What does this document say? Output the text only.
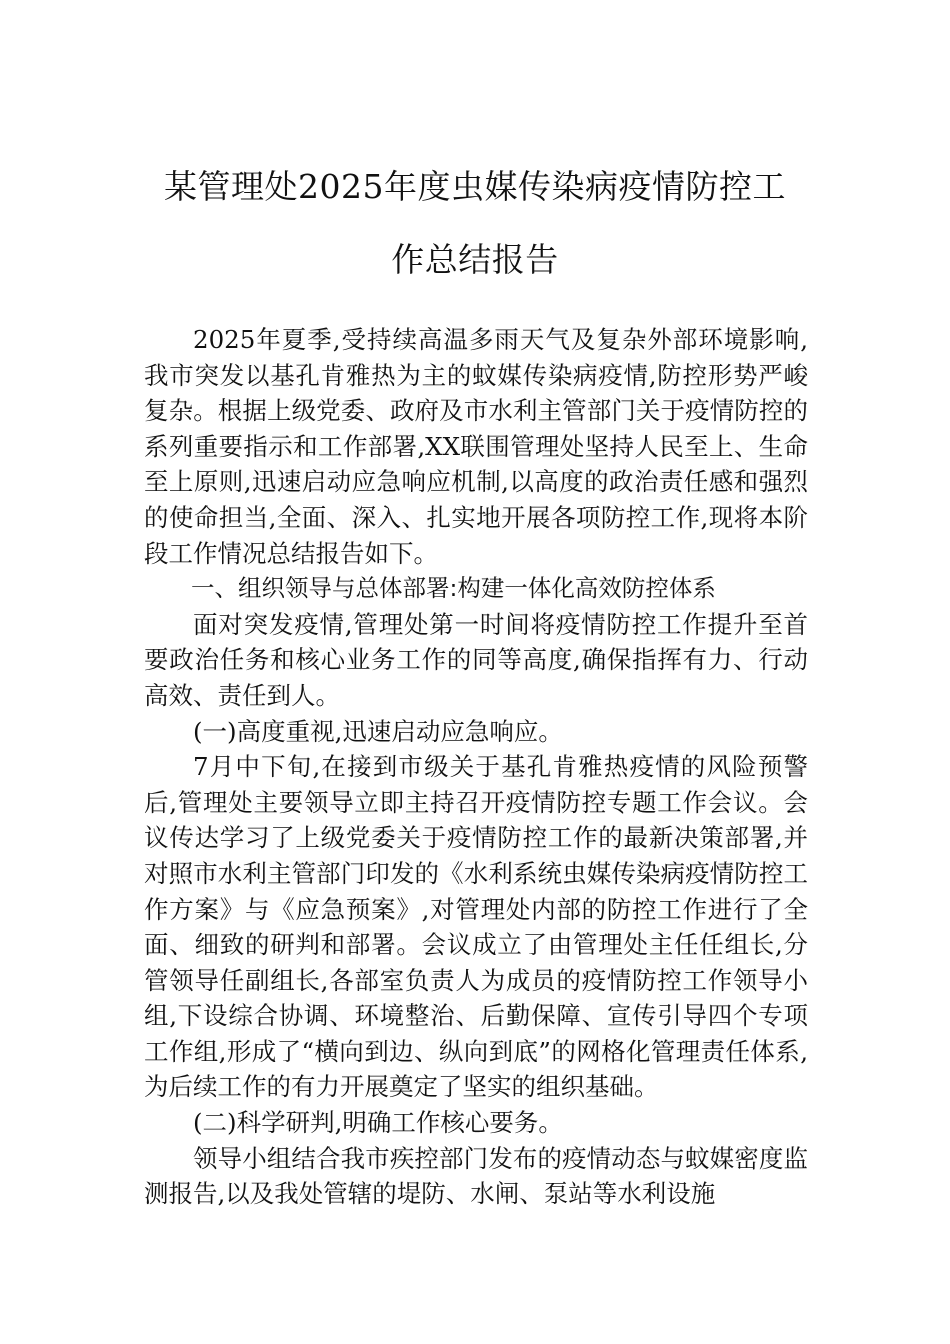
某管理处2025年度虫媒传染病疫情防控工
作总结报告

2025年夏季,受持续高温多雨天气及复杂外部环境影响,我市突发以基孔肯雅热为主的蚊媒传染病疫情,防控形势严峻复杂。根据上级党委、政府及市水利主管部门关于疫情防控的系列重要指示和工作部署,XX联围管理处坚持人民至上、生命至上原则,迅速启动应急响应机制,以高度的政治责任感和强烈的使命担当,全面、深入、扎实地开展各项防控工作,现将本阶段工作情况总结报告如下。

一、组织领导与总体部署:构建一体化高效防控体系

面对突发疫情,管理处第一时间将疫情防控工作提升至首要政治任务和核心业务工作的同等高度,确保指挥有力、行动高效、责任到人。

(一)高度重视,迅速启动应急响应。

7月中下旬,在接到市级关于基孔肯雅热疫情的风险预警后,管理处主要领导立即主持召开疫情防控专题工作会议。会议传达学习了上级党委关于疫情防控工作的最新决策部署,并对照市水利主管部门印发的《水利系统虫媒传染病疫情防控工作方案》与《应急预案》,对管理处内部的防控工作进行了全面、细致的研判和部署。会议成立了由管理处主任任组长,分管领导任副组长,各部室负责人为成员的疫情防控工作领导小组,下设综合协调、环境整治、后勤保障、宣传引导四个专项工作组,形成了“横向到边、纵向到底”的网格化管理责任体系,为后续工作的有力开展奠定了坚实的组织基础。

(二)科学研判,明确工作核心要务。

领导小组结合我市疾控部门发布的疫情动态与蚊媒密度监测报告,以及我处管辖的堤防、水闸、泵站等水利设施
